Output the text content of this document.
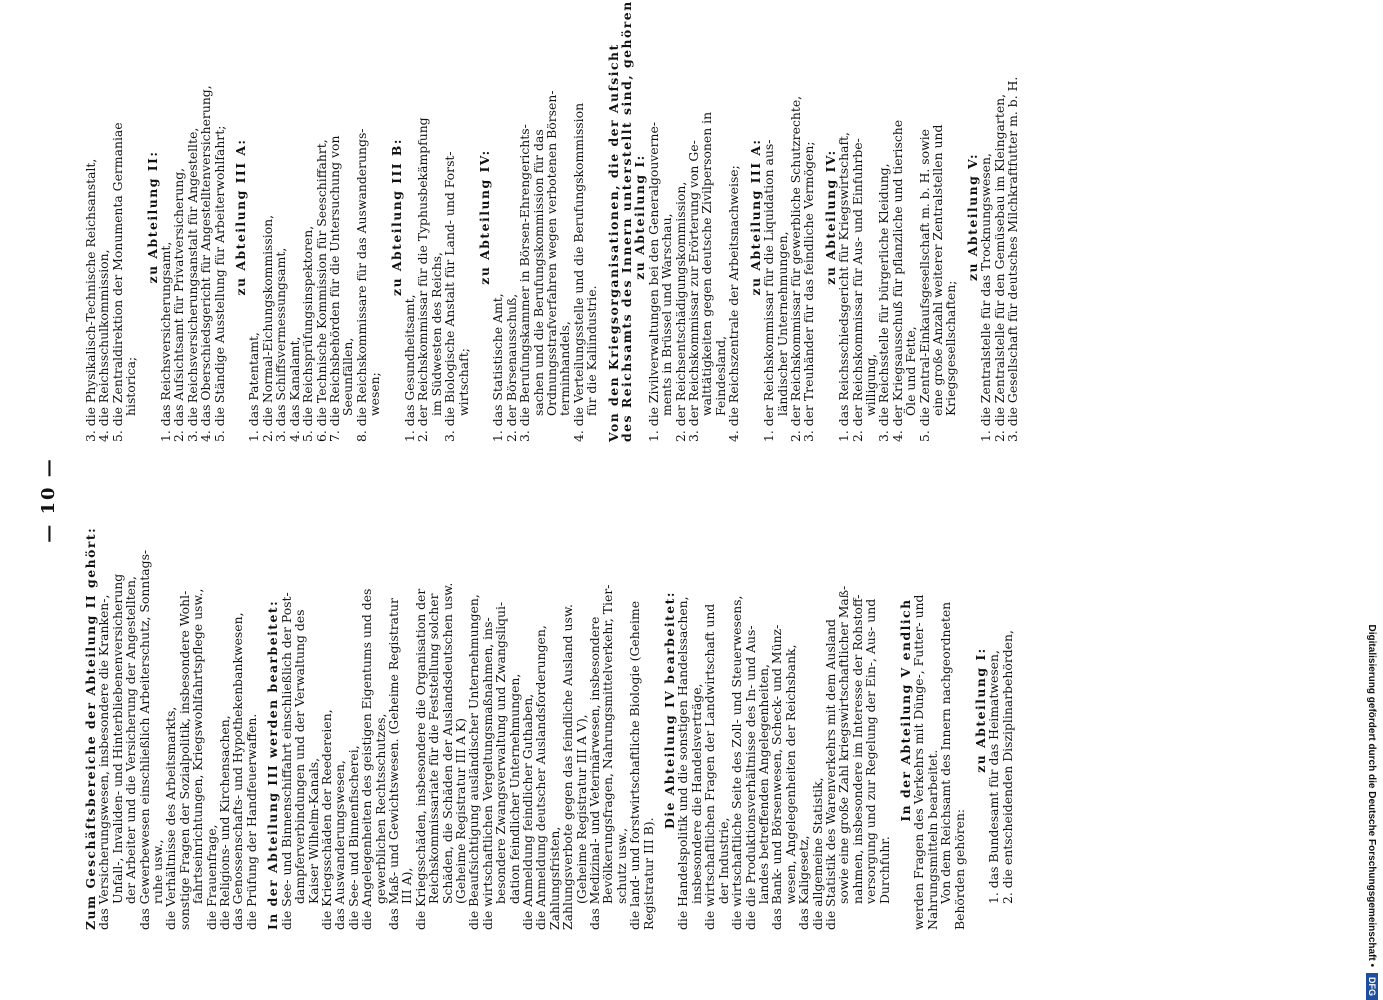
— 10 —
Zum Geschäftsbereiche der Abteilung II gehört:
das Versicherungswesen, insbesondere die Kranken-,
Unfall-, Invaliden- und Hinterbliebenenversicherung
der Arbeiter und die Versicherung der Angestellten,
das Gewerbewesen einschließlich Arbeiterschutz, Sonntags-
ruhe usw.,
die Verhältnisse des Arbeitsmarkts,
sonstige Fragen der Sozialpolitik, insbesondere Wohl-
fahrtseinrichtungen, Kriegswohlfahrtspflege usw.,
die Frauenfrage,
die Religions- und Kirchensachen,
das Genossenschafts- und Hypothekenbankwesen,
die Prüfung der Handfeuerwaffen. In der Abteilung III werden bearbeitet:
die See- und Binnenschiffahrt einschließlich der Post-
dampferverbindungen und der Verwaltung des
Kaiser Wilhelm-Kanals,
die Kriegsschäden der Reedereien,
das Auswanderungswesen,
die See- und Binnenfischerei,
die Angelegenheiten des geistigen Eigentums und des
gewerblichen Rechtsschutzes,
das Maß- und Gewichtswesen. (Geheime Registratur
III A),
die Kriegsschäden, insbesondere die Organisation der
Reichskommissariate für die Feststellung solcher
Schäden, die Schäden der Auslandsdeutschen usw.
(Geheime Registratur III A K)
die Beaufsichtigung ausländischer Unternehmungen,
die wirtschaftlichen Vergeltungsmaßnahmen, ins-
besondere Zwangsverwaltung und Zwangsliqui-
dation feindlicher Unternehmungen,
die Anmeldung feindlicher Guthaben,
die Anmeldung deutscher Auslandsforderungen,
Zahlungsfristen,
Zahlungsverbote gegen das feindliche Ausland usw.
(Geheime Registratur III A V),
das Medizinal- und Veterinärwesen, insbesondere
Bevölkerungsfragen, Nahrungsmittelverkehr, Tier-
schutz usw.,
die land- und forstwirtschaftliche Biologie (Geheime
Registratur III B).
Die Abteilung IV bearbeitet:
die Handelspolitik und die sonstigen Handelssachen,
insbesondere die Handelsverträge,
die wirtschaftlichen Fragen der Landwirtschaft und
der Industrie,
die wirtschaftliche Seite des Zoll- und Steuerwesens,
die die Produktionsverhältnisse des In- und Aus-
landes betreffenden Angelegenheiten,
das Bank- und Börsenwesen, Scheck- und Münz-
wesen, Angelegenheiten der Reichsbank,
das Kaligesetz,
die allgemeine Statistik,
die Statistik des Warenverkehrs mit dem Ausland
sowie eine große Zahl kriegswirtschaftlicher Maß-
nahmen, insbesondere im Interesse der Rohstoff-
versorgung und zur Regelung der Ein-, Aus- und
Durchfuhr.
In der Abteilung V endlich
werden Fragen des Verkehrs mit Dünge-, Futter- und
Nahrungsmitteln bearbeitet.
Von dem Reichsamt des Innern nachgeordneten
Behörden gehören:
zu Abteilung I:
1. das Bundesamt für das Heimatwesen,
2. die entscheidenden Disziplinarbehörden,
3. die Physikalisch-Technische Reichsanstalt,
4. die Reichsschulkommission,
5. die Zentraldirektion der Monumenta Germaniae
historica;
zu Abteilung II:
1. das Reichsversicherungsamt,
2. das Aufsichtsamt für Privatversicherung,
3. die Reichsversicherungsanstalt für Angestellte,
4. das Oberschiedsgericht für Angestelltenversicherung,
5. die Ständige Ausstellung für Arbeiterwohlfahrt; zu Abteilung III A:
1. das Patentamt,
2. die Normal-Eichungskommission,
3. das Schiffsvermessungsamt,
4. das Kanalamt,
5. die Reichsprüfungsinspektoren,
6. die Technische Kommission für Seeschiffahrt,
7. die Reichsbehörden für die Untersuchung von
Seeunfällen,
8. die Reichskommissare für das Auswanderungs-
wesen;
zu Abteilung III B:
1. das Gesundheitsamt,
2. der Reichskommissar für die Typhusbekämpfung
im Südwesten des Reichs,
3. die Biologische Anstalt für Land- und Forst-
wirtschaft;
zu Abteilung IV:
1. das Statistische Amt,
2. der Börsenausschuß,
3. die Berufungskammer in Börsen-Ehrengerichts-
sachen und die Berufungskommission für das
Ordnungsstrafverfahren wegen verbotenen Börsen-
terminhandels,
4. die Verteilungsstelle und die Berufungskommission
für die Kaliindustrie. Von den Kriegsorganisationen, die der Aufsicht
des Reichsamts des Innern unterstellt sind, gehören
zu Abteilung I:
1. die Zivilverwaltungen bei den Generalgouverne-
ments in Brüssel und Warschau,
2. der Reichsentschädigungskommission,
3. der Reichskommissar zur Erörterung von Ge-
walttätigkeiten gegen deutsche Zivilpersonen in
Feindesland,
4. die Reichszentrale der Arbeitsnachweise; zu Abteilung III A:
1. der Reichskommissar für die Liquidation aus-
ländischer Unternehmungen,
2. der Reichskommissar für gewerbliche Schutzrechte,
3. der Treuhänder für das feindliche Vermögen; zu Abteilung IV:
1. das Reichsschiedsgericht für Kriegswirtschaft,
2. der Reichskommissar für Aus- und Einfuhrbe-
willigung,
3. die Reichsstelle für bürgerliche Kleidung,
4. der Kriegsausschuß für pflanzliche und tierische
Öle und Fette,
5. die Zentral-Einkaufsgesellschaft m. b. H. sowie
eine große Anzahl weiterer Zentralstellen und
Kriegsgesellschaften;
zu Abteilung V:
1. die Zentralstelle für das Trocknungswesen,
2. die Zentralstelle für den Gemüsebau im Kleingarten,
3. die Gesellschaft für deutsches Milchkraftfutter m. b. H.
Digitalisierung gefördert durch die Deutsche Forschungsgemeinschaft •
DFG
